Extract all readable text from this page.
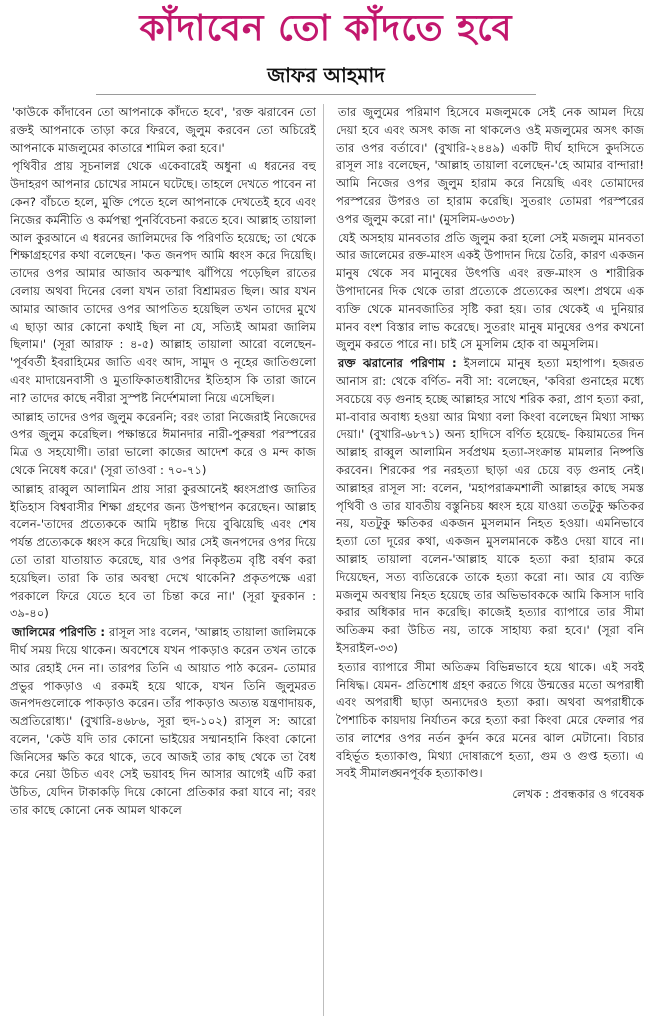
কাঁদাবেন তো কাঁদতে হবে
জাফর আহমাদ

'কাউকে কাঁদাবেন তো আপনাকে কাঁদতে হবে', 'রক্ত ঝরাবেন তো রক্তই আপনাকে তাড়া করে ফিরবে, জুলুম করবেন তো অচিরেই আপনাকে মাজলুমের কাতারে শামিল করা হবে।'

পৃথিবীর প্রায় সূচনালগ্ন থেকে একেবারেই অধুনা এ ধরনের বহু উদাহরণ আপনার চোখের সামনে ঘটেছে। তাহলে দেখতে পাবেন না কেন? বাঁচতে হলে, মুক্তি পেতে হলে আপনাকে দেখতেই হবে এবং নিজের কর্মনীতি ও কর্মপন্থা পুনর্বিবেচনা করতে হবে। আল্লাহ তায়ালা আল কুরআনে এ ধরনের জালিমদের কি পরিণতি হয়েছে; তা থেকে শিক্ষাগ্রহণের কথা বলেছেন। 'কত জনপদ আমি ধ্বংস করে দিয়েছি। তাদের ওপর আমার আজাব অকস্মাৎ ঝাঁপিয়ে পড়েছিল রাতের বেলায় অথবা দিনের বেলা যখন তারা বিশ্রামরত ছিল। আর যখন আমার আজাব তাদের ওপর আপতিত হয়েছিল তখন তাদের মুখে এ ছাড়া আর কোনো কথাই ছিল না যে, সত্যিই আমরা জালিম ছিলাম।' (সূরা আরাফ : ৪-৫) আল্লাহ তায়ালা আরো বলেছেন-'পূর্ববর্তী ইবরাহিমের জাতি এবং আদ, সামুদ ও নূহের জাতিগুলো এবং মাদায়েনবাসী ও মুতাফিকাতধারীদের ইতিহাস কি তারা জানে না? তাদের কাছে নবীরা সুস্পষ্ট নির্দেশমালা নিয়ে এসেছিল।

আল্লাহ তাদের ওপর জুলুম করেননি; বরং তারা নিজেরাই নিজেদের ওপর জুলুম করেছিল। পক্ষান্তরে ঈমানদার নারী-পুরুষরা পরস্পরের মিত্র ও সহযোগী। তারা ভালো কাজের আদেশ করে ও মন্দ কাজ থেকে নিষেধ করে।' (সূরা তাওবা : ৭০-৭১)

আল্লাহ রাব্বুল আলামিন প্রায় সারা কুরআনেই ধ্বংসপ্রাপ্ত জাতির ইতিহাস বিশ্ববাসীর শিক্ষা গ্রহণের জন্য উপস্থাপন করেছেন। আল্লাহ বলেন-'তাদের প্রত্যেককে আমি দৃষ্টান্ত দিয়ে বুঝিয়েছি এবং শেষ পর্যন্ত প্রত্যেককে ধ্বংস করে দিয়েছি। আর সেই জনপদের ওপর দিয়ে তো তারা যাতায়াত করেছে, যার ওপর নিকৃষ্টতম বৃষ্টি বর্ষণ করা হয়েছিল। তারা কি তার অবস্থা দেখে থাকেনি? প্রকৃতপক্ষে এরা পরকালে ফিরে যেতে হবে তা চিন্তা করে না।' (সূরা ফুরকান : ৩৯-৪০)

জালিমের পরিণতি : রাসূল সাঃ বলেন, 'আল্লাহ তায়ালা জালিমকে দীর্ঘ সময় দিয়ে থাকেন। অবশেষে যখন পাকড়াও করেন তখন তাকে আর রেহাই দেন না। তারপর তিনি এ আয়াত পাঠ করেন- তোমার প্রভুর পাকড়াও এ রকমই হয়ে থাকে, যখন তিনি জুলুমরত জনপদগুলোকে পাকড়াও করেন। তাঁর পাকড়াও অত্যন্ত যন্ত্রণাদায়ক, অপ্রতিরোধ্য।' (বুখারি-৪৬৮৬, সূরা হুদ-১০২) রাসূল স: আরো বলেন, 'কেউ যদি তার কোনো ভাইয়ের সম্মানহানি কিংবা কোনো জিনিসের ক্ষতি করে থাকে, তবে আজই তার কাছ থেকে তা বৈধ করে নেয়া উচিত এবং সেই ভয়াবহ দিন আসার আগেই এটি করা উচিত, যেদিন টাকাকড়ি দিয়ে কোনো প্রতিকার করা যাবে না; বরং তার কাছে কোনো নেক আমল থাকলে

তার জুলুমের পরিমাণ হিসেবে মজলুমকে সেই নেক আমল দিয়ে দেয়া হবে এবং অসৎ কাজ না থাকলেও ওই মজলুমের অসৎ কাজ তার ওপর বর্তাবে।' (বুখারি-২৪৪৯) একটি দীর্ঘ হাদিসে কুদসিতে রাসূল সাঃ বলেছেন, 'আল্লাহ তায়ালা বলেছেন-'হে আমার বান্দারা! আমি নিজের ওপর জুলুম হারাম করে নিয়েছি এবং তোমাদের পরস্পরের উপরও তা হারাম করেছি। সুতরাং তোমরা পরস্পরের ওপর জুলুম করো না।' (মুসলিম-৬৩৩৮)

যেই অসহায় মানবতার প্রতি জুলুম করা হলো সেই মজলুম মানবতা আর জালেমের রক্ত-মাংস একই উপাদান দিয়ে তৈরি, কারণ একজন মানুষ থেকে সব মানুষের উৎপত্তি এবং রক্ত-মাংস ও শারীরিক উপাদানের দিক থেকে তারা প্রত্যেকে প্রত্যেকের অংশ। প্রথমে এক ব্যক্তি থেকে মানবজাতির সৃষ্টি করা হয়। তার থেকেই এ দুনিয়ার মানব বংশ বিস্তার লাভ করেছে। সুতরাং মানুষ মানুষের ওপর কখনো জুলুম করতে পারে না। চাই সে মুসলিম হোক বা অমুসলিম।

রক্ত ঝরানোর পরিণাম : ইসলামে মানুষ হত্যা মহাপাপ। হজরত আনাস রা: থেকে বর্ণিত- নবী সা: বলেছেন, 'কবিরা গুনাহের মধ্যে সবচেয়ে বড় গুনাহ হচ্ছে আল্লাহর সাথে শরিক করা, প্রাণ হত্যা করা, মা-বাবার অবাধ্য হওয়া আর মিথ্যা বলা কিংবা বলেছেন মিথ্যা সাক্ষ্য দেয়া।' (বুখারি-৬৮৭১) অন্য হাদিসে বর্ণিত হয়েছে- কিয়ামতের দিন আল্লাহ রাব্বুল আলামিন সর্বপ্রথম হত্যা-সংক্রান্ত মামলার নিষ্পত্তি করবেন। শিরকের পর নরহত্যা ছাড়া এর চেয়ে বড় গুনাহ নেই। আল্লাহর রাসূল সা: বলেন, 'মহাপরাক্রমশালী আল্লাহর কাছে সমস্ত পৃথিবী ও তার যাবতীয় বস্তুনিচয় ধ্বংস হয়ে যাওয়া ততটুকু ক্ষতিকর নয়, যতটুকু ক্ষতিকর একজন মুসলমান নিহত হওয়া। এমনিভাবে হত্যা তো দূরের কথা, একজন মুসলমানকে কষ্টও দেয়া যাবে না। আল্লাহ তায়ালা বলেন-'আল্লাহ যাকে হত্যা করা হারাম করে দিয়েছেন, সত্য ব্যতিরেকে তাকে হত্যা করো না। আর যে ব্যক্তি মজলুম অবস্থায় নিহত হয়েছে তার অভিভাবককে আমি কিসাস দাবি করার অধিকার দান করেছি। কাজেই হত্যার ব্যাপারে তার সীমা অতিক্রম করা উচিত নয়, তাকে সাহায্য করা হবে।' (সূরা বনি ইসরাইল-৩৩)

হত্যার ব্যাপারে সীমা অতিক্রম বিভিন্নভাবে হয়ে থাকে। এই সবই নিষিদ্ধ। যেমন- প্রতিশোধ গ্রহণ করতে গিয়ে উন্মত্তের মতো অপরাধী এবং অপরাধী ছাড়া অন্যদেরও হত্যা করা। অথবা অপরাধীকে পৈশাচিক কায়দায় নির্যাতন করে হত্যা করা কিংবা মেরে ফেলার পর তার লাশের ওপর নর্তন কুর্দন করে মনের ঝাল মেটানো। বিচার বহির্ভূত হত্যাকাণ্ড, মিথ্যা দোষারূপে হত্যা, গুম ও গুপ্ত হত্যা। এ সবই সীমালঙ্ঘনপূর্বক হত্যাকাণ্ড।

লেখক : প্রবন্ধকার ও গবেষক
